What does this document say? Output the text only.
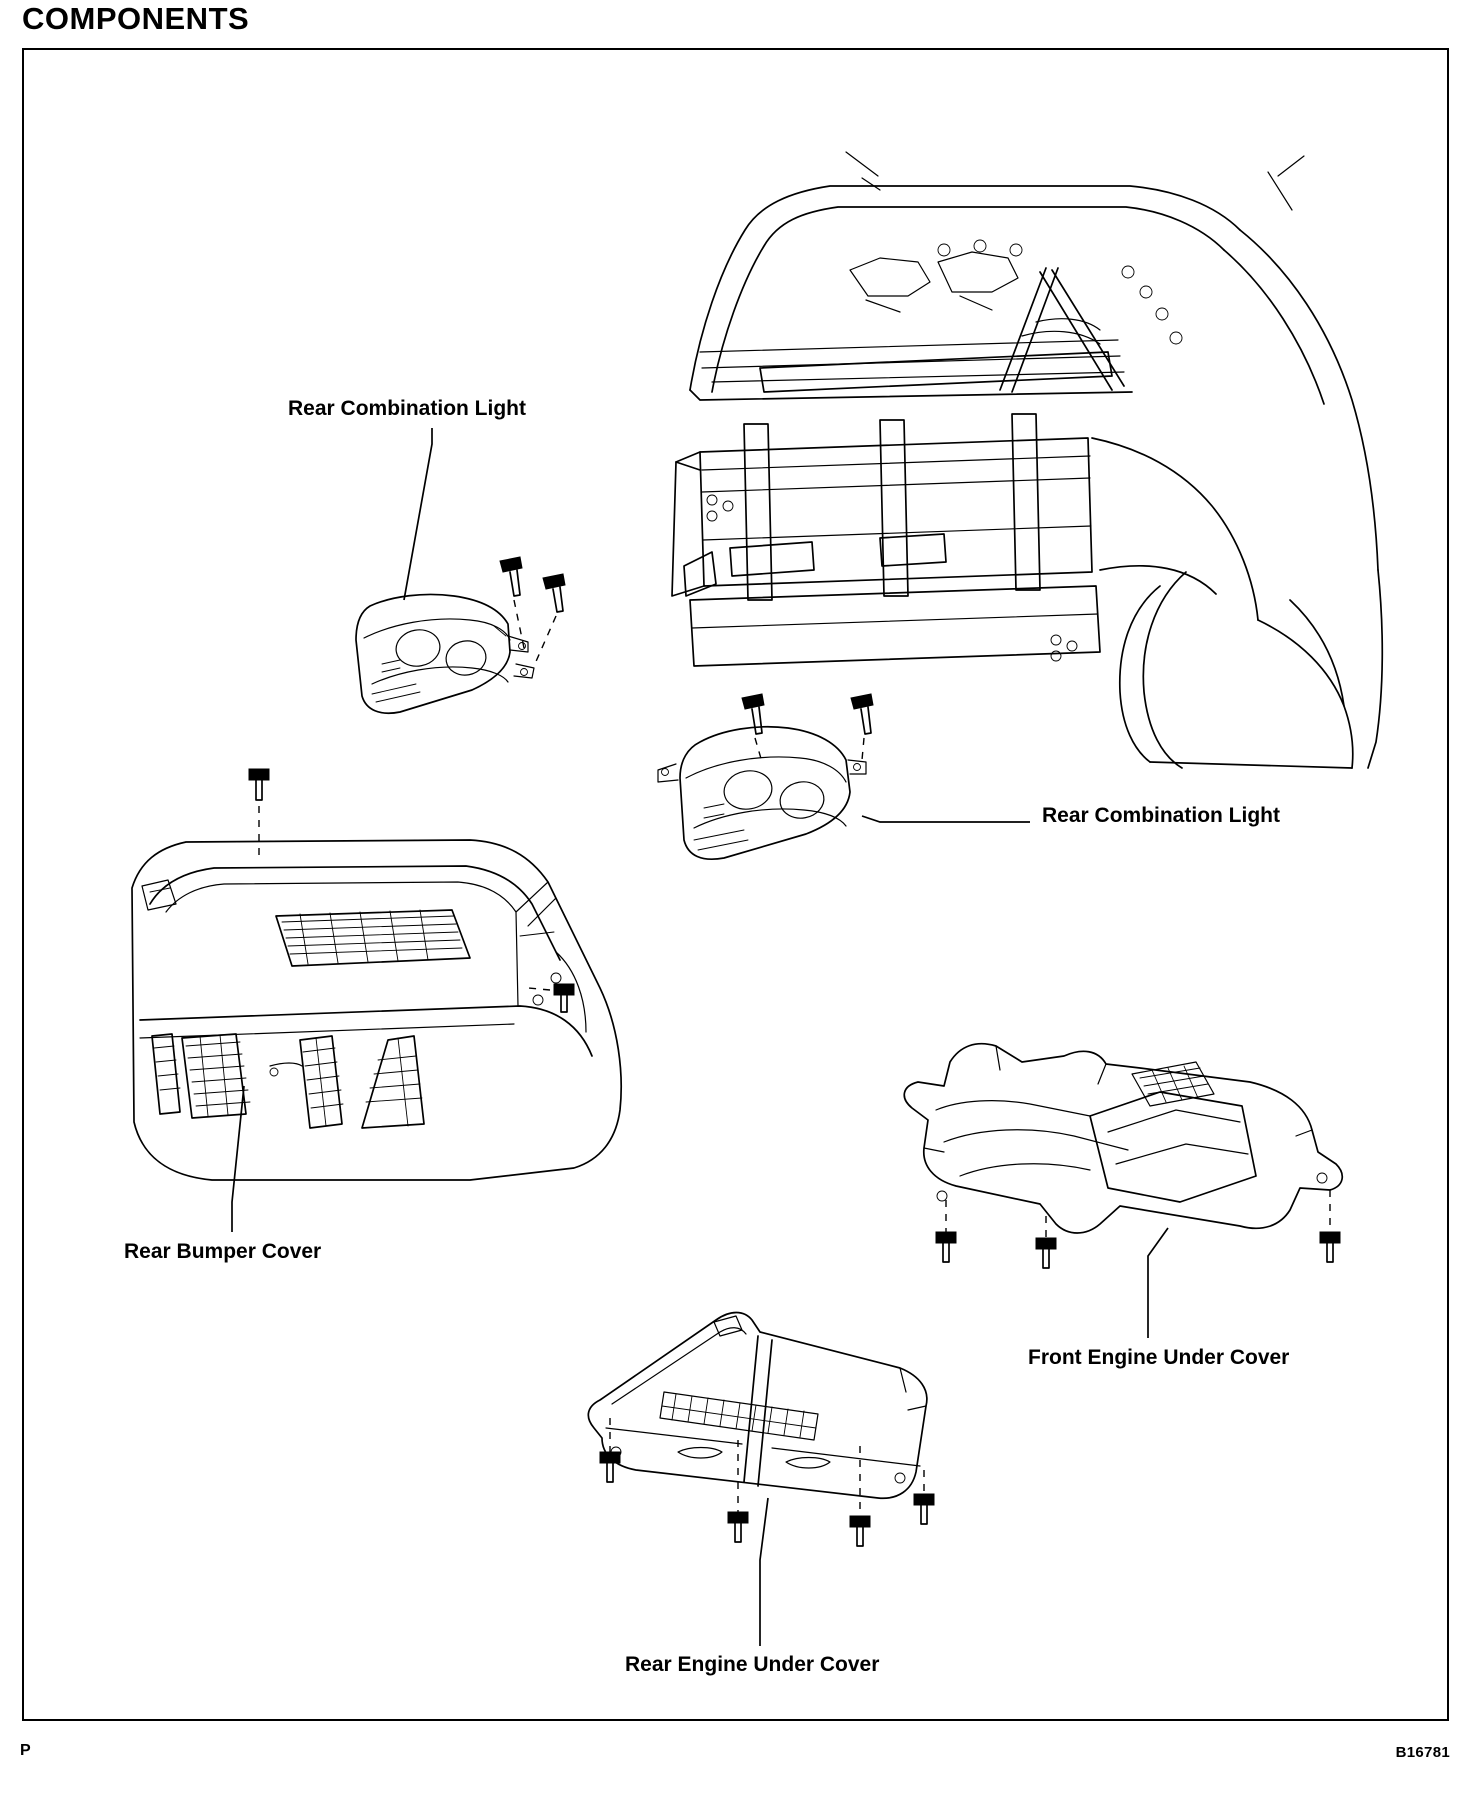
COMPONENTS
Rear Combination Light
Rear Combination Light
Rear Bumper Cover
Front Engine Under Cover
Rear Engine Under Cover
P	B16781
